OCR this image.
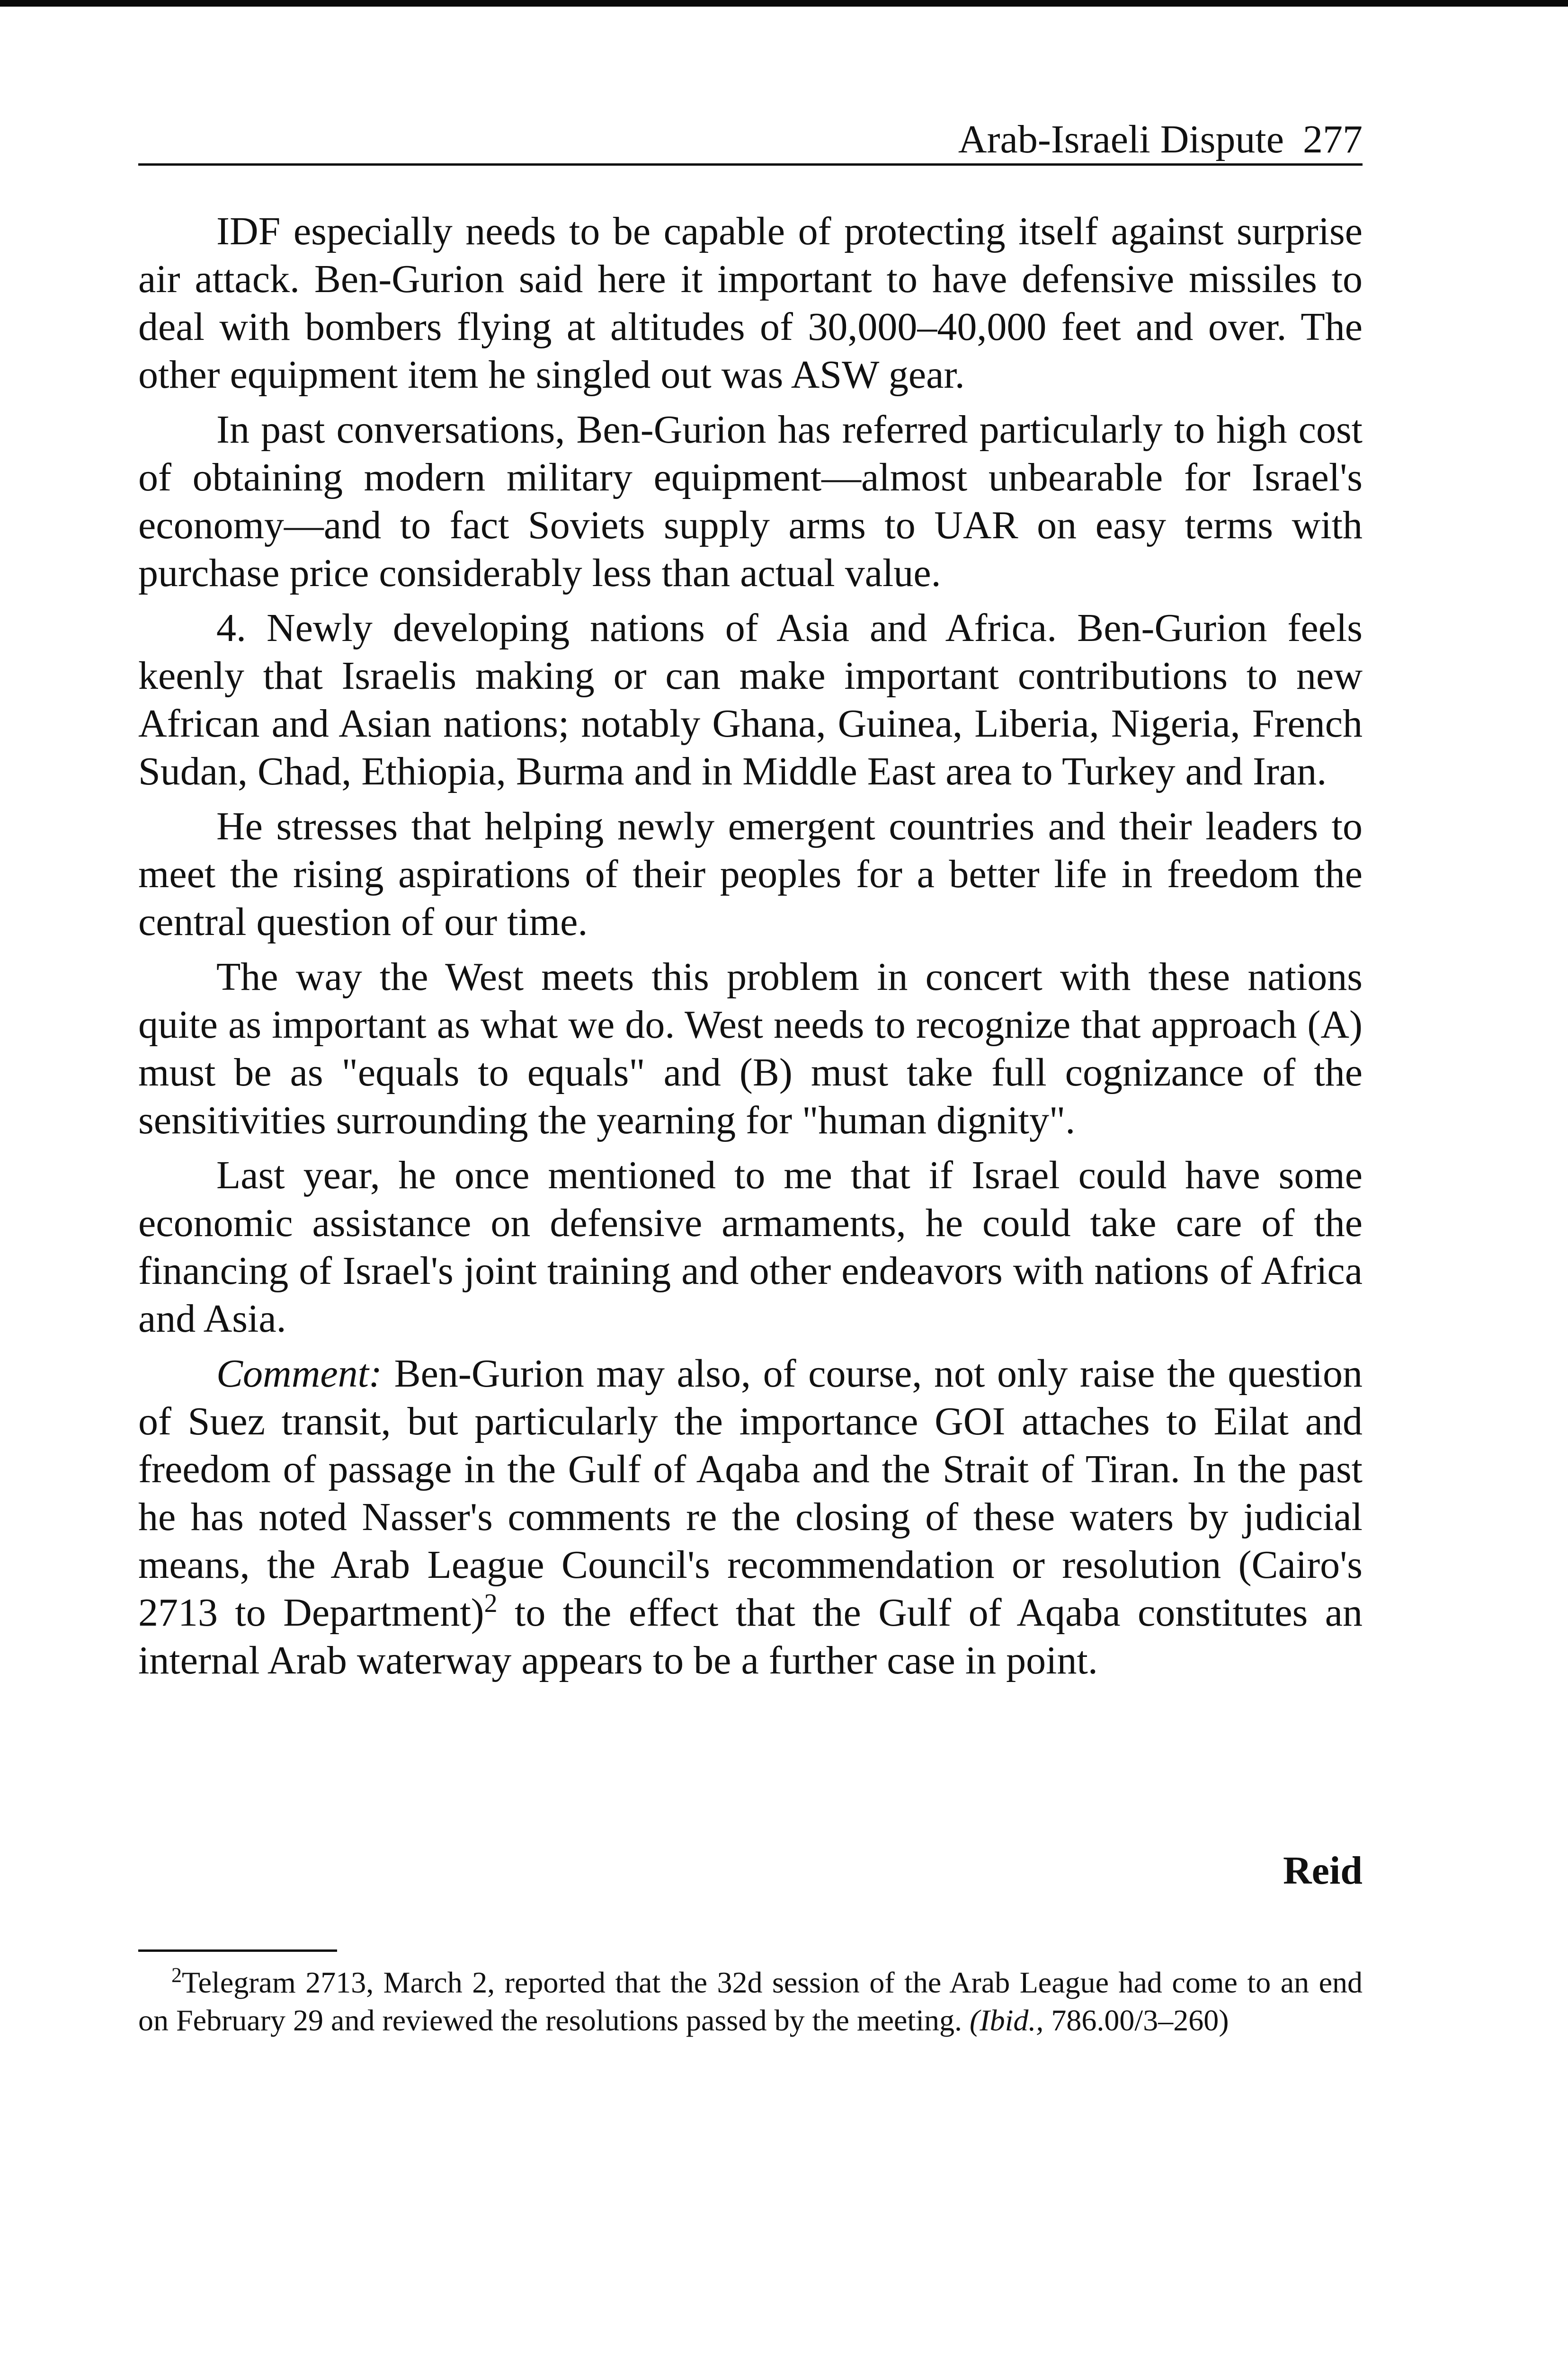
Arab-Israeli Dispute 277

IDF especially needs to be capable of protecting itself against surprise air attack. Ben-Gurion said here it important to have defensive missiles to deal with bombers flying at altitudes of 30,000–40,000 feet and over. The other equipment item he singled out was ASW gear.

In past conversations, Ben-Gurion has referred particularly to high cost of obtaining modern military equipment—almost unbearable for Israel's economy—and to fact Soviets supply arms to UAR on easy terms with purchase price considerably less than actual value.

4. Newly developing nations of Asia and Africa. Ben-Gurion feels keenly that Israelis making or can make important contributions to new African and Asian nations; notably Ghana, Guinea, Liberia, Nigeria, French Sudan, Chad, Ethiopia, Burma and in Middle East area to Turkey and Iran.

He stresses that helping newly emergent countries and their leaders to meet the rising aspirations of their peoples for a better life in freedom the central question of our time.

The way the West meets this problem in concert with these nations quite as important as what we do. West needs to recognize that approach (A) must be as "equals to equals" and (B) must take full cognizance of the sensitivities surrounding the yearning for "human dignity".

Last year, he once mentioned to me that if Israel could have some economic assistance on defensive armaments, he could take care of the financing of Israel's joint training and other endeavors with nations of Africa and Asia.

Comment: Ben-Gurion may also, of course, not only raise the question of Suez transit, but particularly the importance GOI attaches to Eilat and freedom of passage in the Gulf of Aqaba and the Strait of Tiran. In the past he has noted Nasser's comments re the closing of these waters by judicial means, the Arab League Council's recommendation or resolution (Cairo's 2713 to Department)$^2$ to the effect that the Gulf of Aqaba constitutes an internal Arab waterway appears to be a further case in point.

Reid
$^2$Telegram 2713, March 2, reported that the 32d session of the Arab League had come to an end on February 29 and reviewed the resolutions passed by the meeting. (Ibid., 786.00/3–260)
